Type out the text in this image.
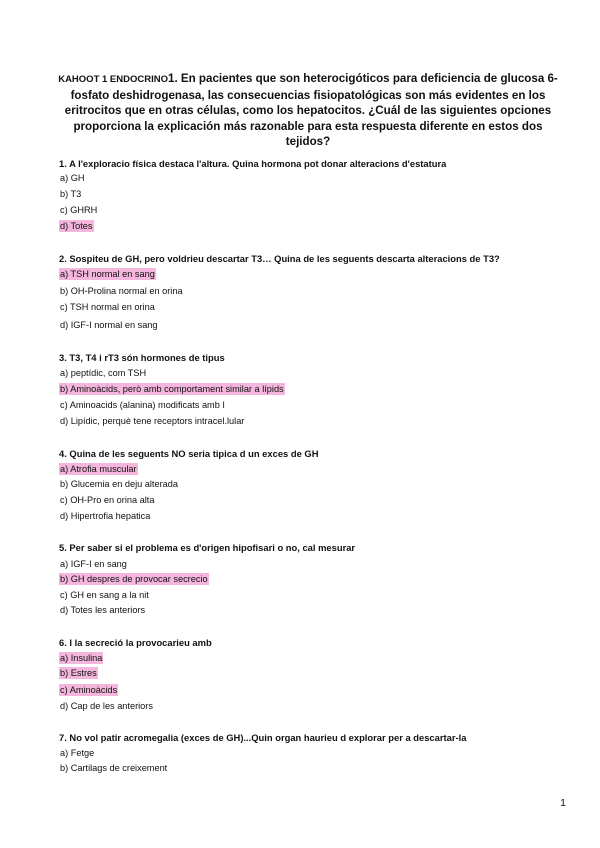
KAHOOT 1 ENDOCRINO1. En pacientes que son heterocigóticos para deficiencia de glucosa 6-fosfato deshidrogenasa, las consecuencias fisiopatológicas son más evidentes en los eritrocitos que en otras células, como los hepatocitos. ¿Cuál de las siguientes opciones proporciona la explicación más razonable para esta respuesta diferente en estos dos tejidos?
1. A l'exploracio física destaca l'altura. Quina hormona pot donar alteracions d'estatura
a) GH
b) T3
c) GHRH
d) Totes
2. Sospiteu de GH, pero voldrieu descartar T3… Quina de les seguents descarta alteracions de T3?
a) TSH normal en sang
b) OH-Prolina normal en orina
c) TSH normal en orina
d) IGF-I normal en sang
3. T3, T4 i rT3 són hormones de tipus
a) peptídic, com TSH
b) Aminoàcids, però amb comportament similar a lípids
c) Aminoacids (alanina) modificats amb I
d) Lipídic, perquè tene receptors intracel.lular
4. Quina de les seguents NO seria tipica d un exces de GH
a) Atrofia muscular
b) Glucemia en deju alterada
c) OH-Pro en orina alta
d) Hipertrofia hepatica
5. Per saber si el problema es d'origen hipofisari o no, cal mesurar
a) IGF-I en sang
b) GH despres de provocar secrecio
c) GH en sang a la nit
d) Totes les anteriors
6. I la secreció la provocarieu amb
a) Insulina
b) Estres
c) Aminoàcids
d) Cap de les anteriors
7. No vol patir acromegalia (exces de GH)...Quin organ haurieu d explorar per a descartar-la
a) Fetge
b) Cartilags de creixement
1
